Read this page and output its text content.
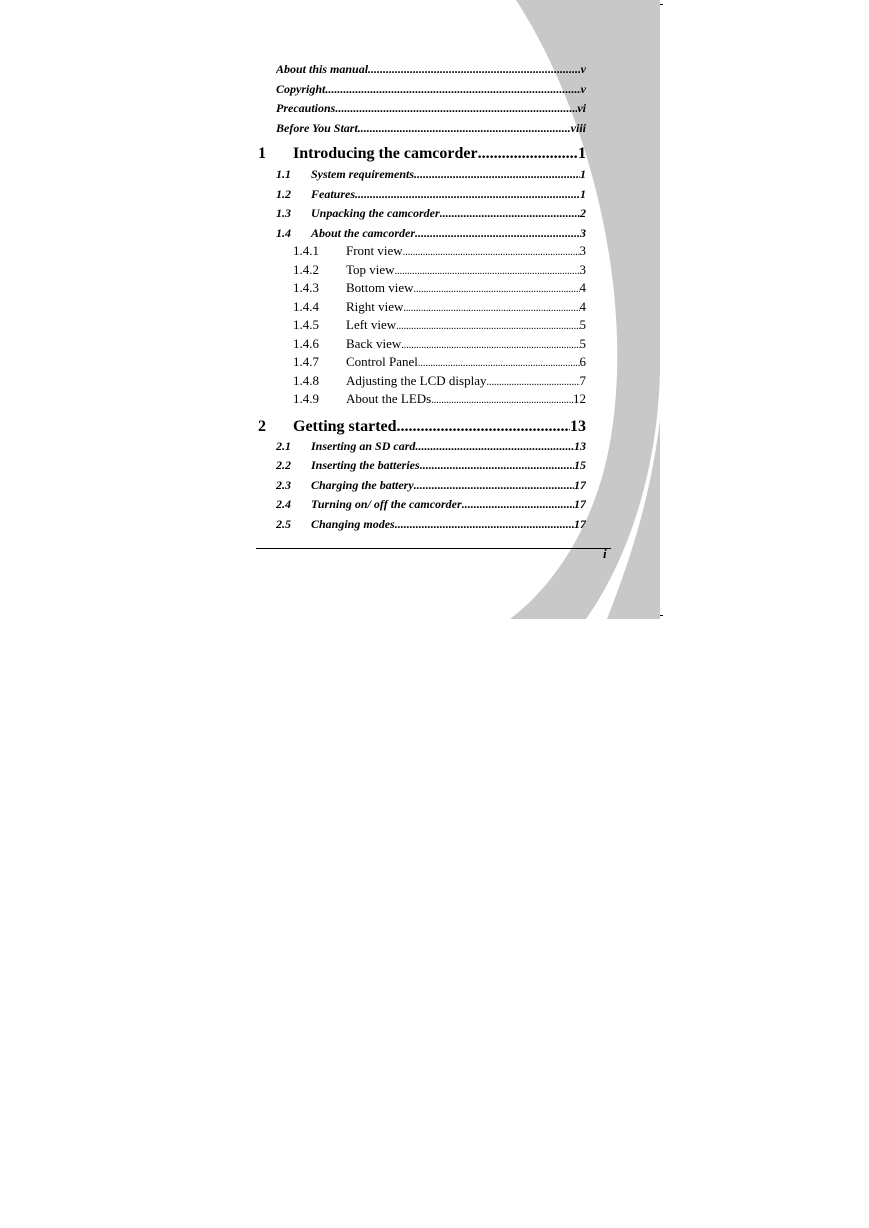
About this manual .....	v
Copyright .....	v
Precautions .....	vi
Before You Start .....	viii
1	Introducing the camcorder .....	1
1.1	System requirements .....	1
1.2	Features .....	1
1.3	Unpacking the camcorder .....	2
1.4	About the camcorder .....	3
1.4.1	Front view .....	3
1.4.2	Top view .....	3
1.4.3	Bottom view .....	4
1.4.4	Right view .....	4
1.4.5	Left view .....	5
1.4.6	Back view .....	5
1.4.7	Control Panel .....	6
1.4.8	Adjusting the LCD display .....	7
1.4.9	About the LEDs .....	12
2	Getting started .....	13
2.1	Inserting an SD card .....	13
2.2	Inserting the batteries .....	15
2.3	Charging the battery .....	17
2.4	Turning on/ off the camcorder .....	17
2.5	Changing modes .....	17
i
